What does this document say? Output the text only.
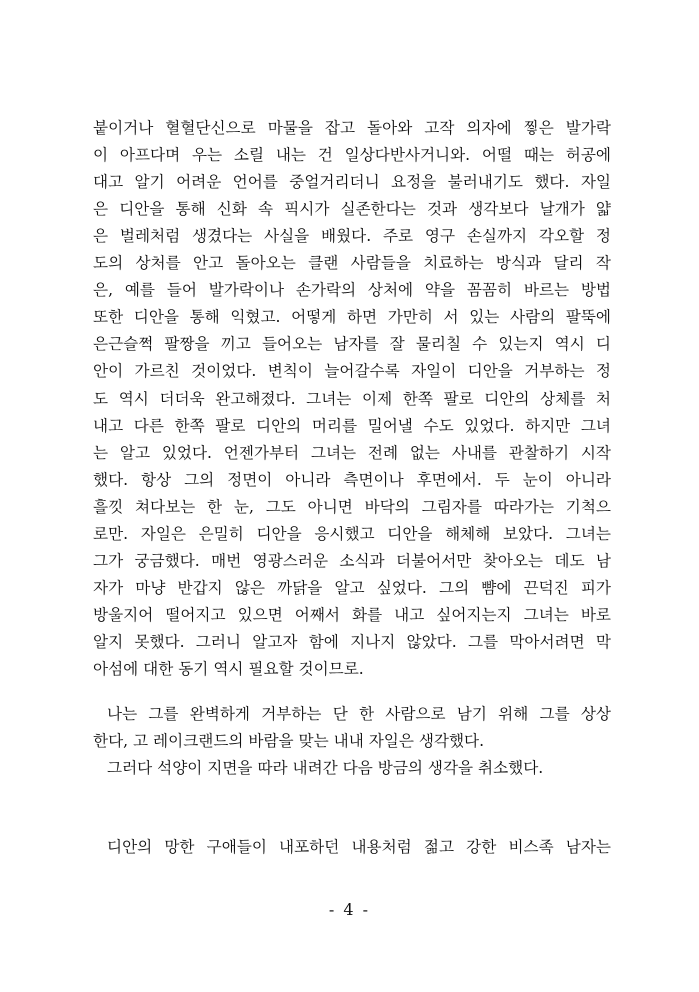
붙이거나 혈혈단신으로 마물을 잡고 돌아와 고작 의자에 찧은 발가락
이 아프다며 우는 소릴 내는 건 일상다반사거니와. 어떨 때는 허공에
대고 알기 어려운 언어를 중얼거리더니 요정을 불러내기도 했다. 자일
은 디안을 통해 신화 속 픽시가 실존한다는 것과 생각보다 날개가 얇
은 벌레처럼 생겼다는 사실을 배웠다. 주로 영구 손실까지 각오할 정
도의 상처를 안고 돌아오는 클랜 사람들을 치료하는 방식과 달리 작
은, 예를 들어 발가락이나 손가락의 상처에 약을 꼼꼼히 바르는 방법
또한 디안을 통해 익혔고. 어떻게 하면 가만히 서 있는 사람의 팔뚝에
은근슬쩍 팔짱을 끼고 들어오는 남자를 잘 물리칠 수 있는지 역시 디
안이 가르친 것이었다. 변칙이 늘어갈수록 자일이 디안을 거부하는 정
도 역시 더더욱 완고해졌다. 그녀는 이제 한쪽 팔로 디안의 상체를 처
내고 다른 한쪽 팔로 디안의 머리를 밀어낼 수도 있었다. 하지만 그녀
는 알고 있었다. 언젠가부터 그녀는 전례 없는 사내를 관찰하기 시작
했다. 항상 그의 정면이 아니라 측면이나 후면에서. 두 눈이 아니라
흘낏 쳐다보는 한 눈, 그도 아니면 바닥의 그림자를 따라가는 기척으
로만. 자일은 은밀히 디안을 응시했고 디안을 해체해 보았다. 그녀는
그가 궁금했다. 매번 영광스러운 소식과 더불어서만 찾아오는 데도 남
자가 마냥 반갑지 않은 까닭을 알고 싶었다. 그의 뺨에 끈덕진 피가
방울지어 떨어지고 있으면 어째서 화를 내고 싶어지는지 그녀는 바로
알지 못했다. 그러니 알고자 함에 지나지 않았다. 그를 막아서려면 막
아섬에 대한 동기 역시 필요할 것이므로.
나는 그를 완벽하게 거부하는 단 한 사람으로 남기 위해 그를 상상
한다, 고 레이크랜드의 바람을 맞는 내내 자일은 생각했다.
그러다 석양이 지면을 따라 내려간 다음 방금의 생각을 취소했다.
디안의 망한 구애들이 내포하던 내용처럼 젊고 강한 비스족 남자는
- 4 -
